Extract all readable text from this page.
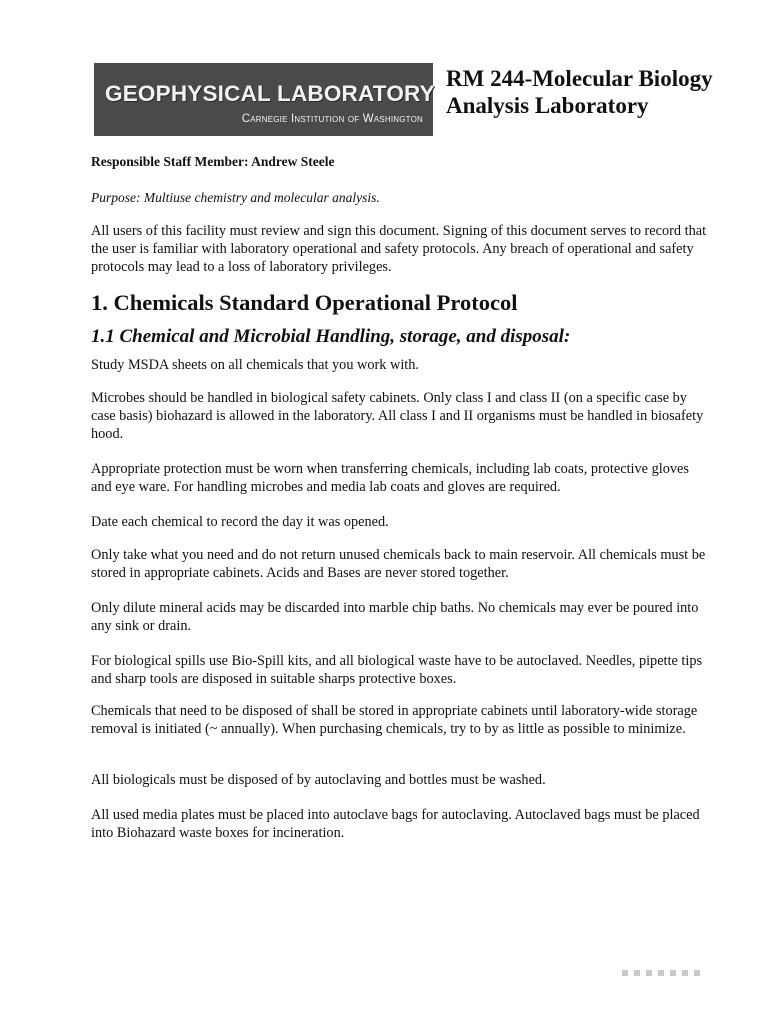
GEOPHYSICAL LABORATORY
Carnegie Institution of Washington
RM 244-Molecular Biology Analysis Laboratory

Responsible Staff Member: Andrew Steele

Purpose: Multiuse chemistry and molecular analysis.

All users of this facility must review and sign this document. Signing of this document serves to record that the user is familiar with laboratory operational and safety protocols. Any breach of operational and safety protocols may lead to a loss of laboratory privileges.

1. Chemicals Standard Operational Protocol
1.1 Chemical and Microbial Handling, storage, and disposal:

Study MSDA sheets on all chemicals that you work with.

Microbes should be handled in biological safety cabinets. Only class I and class II (on a specific case by case basis) biohazard is allowed in the laboratory. All class I and II organisms must be handled in biosafety hood.

Appropriate protection must be worn when transferring chemicals, including lab coats, protective gloves and eye ware. For handling microbes and media lab coats and gloves are required.

Date each chemical to record the day it was opened.

Only take what you need and do not return unused chemicals back to main reservoir. All chemicals must be stored in appropriate cabinets. Acids and Bases are never stored together.

Only dilute mineral acids may be discarded into marble chip baths. No chemicals may ever be poured into any sink or drain.

For biological spills use Bio-Spill kits, and all biological waste have to be autoclaved. Needles, pipette tips and sharp tools are disposed in suitable sharps protective boxes.

Chemicals that need to be disposed of shall be stored in appropriate cabinets until laboratory-wide storage removal is initiated (~ annually). When purchasing chemicals, try to by as little as possible to minimize.

All biologicals must be disposed of by autoclaving and bottles must be washed.

All used media plates must be placed into autoclave bags for autoclaving. Autoclaved bags must be placed into Biohazard waste boxes for incineration.
